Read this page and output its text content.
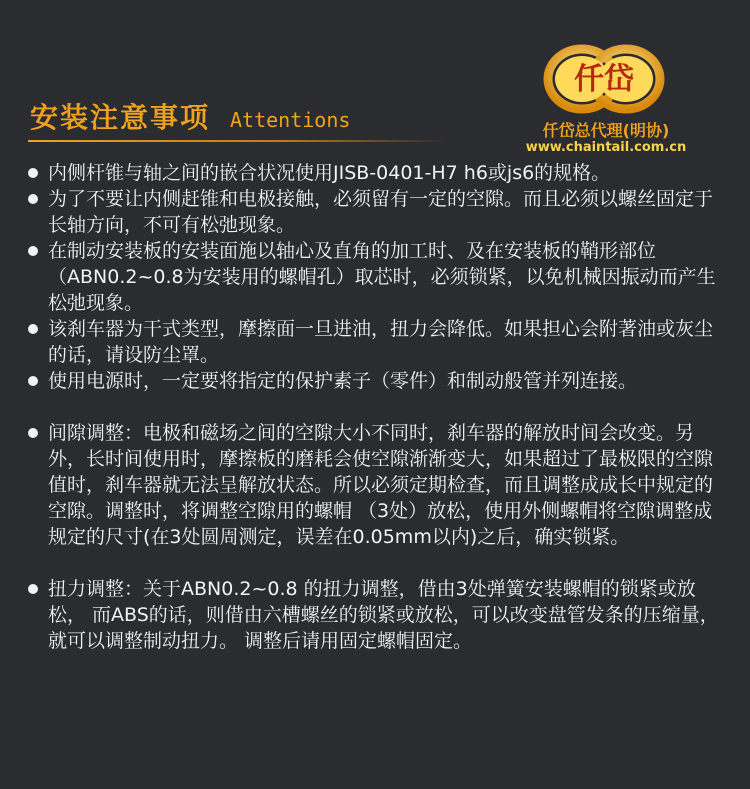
安装注意事项 Attentions
仟岱
仟岱总代理(明协)
www.chaintail.com.cn
内侧杆锥与轴之间的嵌合状况使用JISB-0401-H7 h6或js6的规格。
为了不要让内侧赶锥和电极接触，必须留有一定的空隙。而且必须以螺丝固定于长轴方向，不可有松弛现象。
在制动安装板的安装面施以轴心及直角的加工时、及在安装板的鞘形部位（ABN0.2~0.8为安装用的螺帽孔）取芯时，必须锁紧，以免机械因振动而产生松弛现象。
该刹车器为干式类型，摩擦面一旦进油，扭力会降低。如果担心会附著油或灰尘的话，请设防尘罩。
使用电源时，一定要将指定的保护素子（零件）和制动般管并列连接。
间隙调整：电极和磁场之间的空隙大小不同时，刹车器的解放时间会改变。另外，长时间使用时，摩擦板的磨耗会使空隙渐渐变大，如果超过了最极限的空隙值时，刹车器就无法呈解放状态。所以必须定期检查，而且调整成成长中规定的空隙。调整时，将调整空隙用的螺帽 （3处）放松，使用外侧螺帽将空隙调整成规定的尺寸(在3处圆周测定，误差在0.05mm以内)之后，确实锁紧。
扭力调整：关于ABN0.2~0.8 的扭力调整，借由3处弹簧安装螺帽的锁紧或放松， 而ABS的话，则借由六槽螺丝的锁紧或放松，可以改变盘管发条的压缩量， 就可以调整制动扭力。 调整后请用固定螺帽固定。
